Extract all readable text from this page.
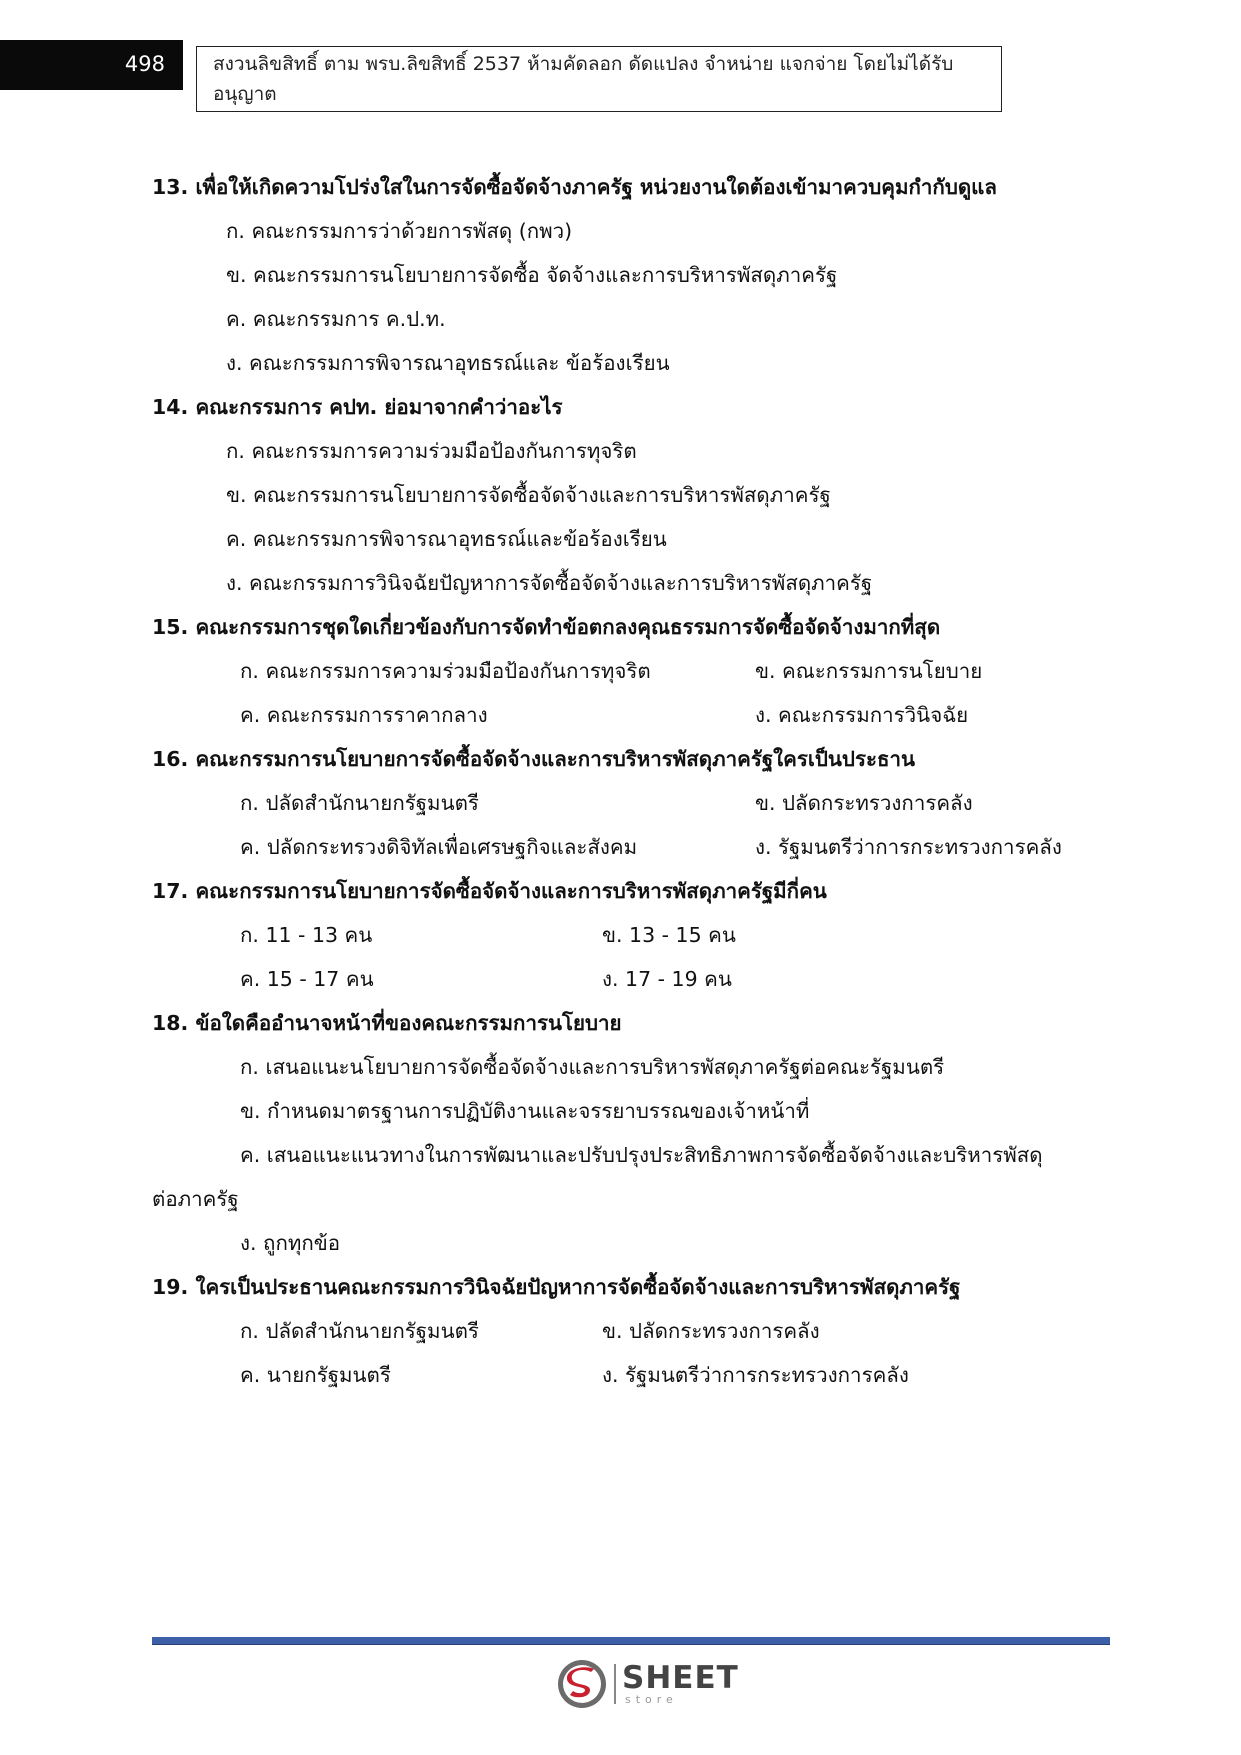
498	สงวนลิขสิทธิ์ ตาม พรบ.ลิขสิทธิ์ 2537 ห้ามคัดลอก ดัดแปลง จำหน่าย แจกจ่าย โดยไม่ได้รับอนุญาต
13. เพื่อให้เกิดความโปร่งใสในการจัดซื้อจัดจ้างภาครัฐ หน่วยงานใดต้องเข้ามาควบคุมกำกับดูแล
ก. คณะกรรมการว่าด้วยการพัสดุ (กพว)
ข. คณะกรรมการนโยบายการจัดซื้อ จัดจ้างและการบริหารพัสดุภาครัฐ
ค. คณะกรรมการ ค.ป.ท.
ง. คณะกรรมการพิจารณาอุทธรณ์และ ข้อร้องเรียน
14. คณะกรรมการ คปท. ย่อมาจากคำว่าอะไร
ก. คณะกรรมการความร่วมมือป้องกันการทุจริต
ข. คณะกรรมการนโยบายการจัดซื้อจัดจ้างและการบริหารพัสดุภาครัฐ
ค. คณะกรรมการพิจารณาอุทธรณ์และข้อร้องเรียน
ง. คณะกรรมการวินิจฉัยปัญหาการจัดซื้อจัดจ้างและการบริหารพัสดุภาครัฐ
15. คณะกรรมการชุดใดเกี่ยวข้องกับการจัดทำข้อตกลงคุณธรรมการจัดซื้อจัดจ้างมากที่สุด
ก. คณะกรรมการความร่วมมือป้องกันการทุจริต	ข. คณะกรรมการนโยบาย
ค. คณะกรรมการราคากลาง	ง. คณะกรรมการวินิจฉัย
16. คณะกรรมการนโยบายการจัดซื้อจัดจ้างและการบริหารพัสดุภาครัฐใครเป็นประธาน
ก. ปลัดสำนักนายกรัฐมนตรี	ข. ปลัดกระทรวงการคลัง
ค. ปลัดกระทรวงดิจิทัลเพื่อเศรษฐกิจและสังคม	ง. รัฐมนตรีว่าการกระทรวงการคลัง
17. คณะกรรมการนโยบายการจัดซื้อจัดจ้างและการบริหารพัสดุภาครัฐมีกี่คน
ก. 11 - 13 คน	ข. 13 - 15 คน
ค. 15 - 17 คน	ง. 17 - 19 คน
18. ข้อใดคืออำนาจหน้าที่ของคณะกรรมการนโยบาย
ก. เสนอแนะนโยบายการจัดซื้อจัดจ้างและการบริหารพัสดุภาครัฐต่อคณะรัฐมนตรี
ข. กำหนดมาตรฐานการปฏิบัติงานและจรรยาบรรณของเจ้าหน้าที่
ค. เสนอแนะแนวทางในการพัฒนาและปรับปรุงประสิทธิภาพการจัดซื้อจัดจ้างและบริหารพัสดุ
ต่อภาครัฐ
ง. ถูกทุกข้อ
19. ใครเป็นประธานคณะกรรมการวินิจฉัยปัญหาการจัดซื้อจัดจ้างและการบริหารพัสดุภาครัฐ
ก. ปลัดสำนักนายกรัฐมนตรี	ข. ปลัดกระทรวงการคลัง
ค. นายกรัฐมนตรี	ง. รัฐมนตรีว่าการกระทรวงการคลัง
SHEET
store
